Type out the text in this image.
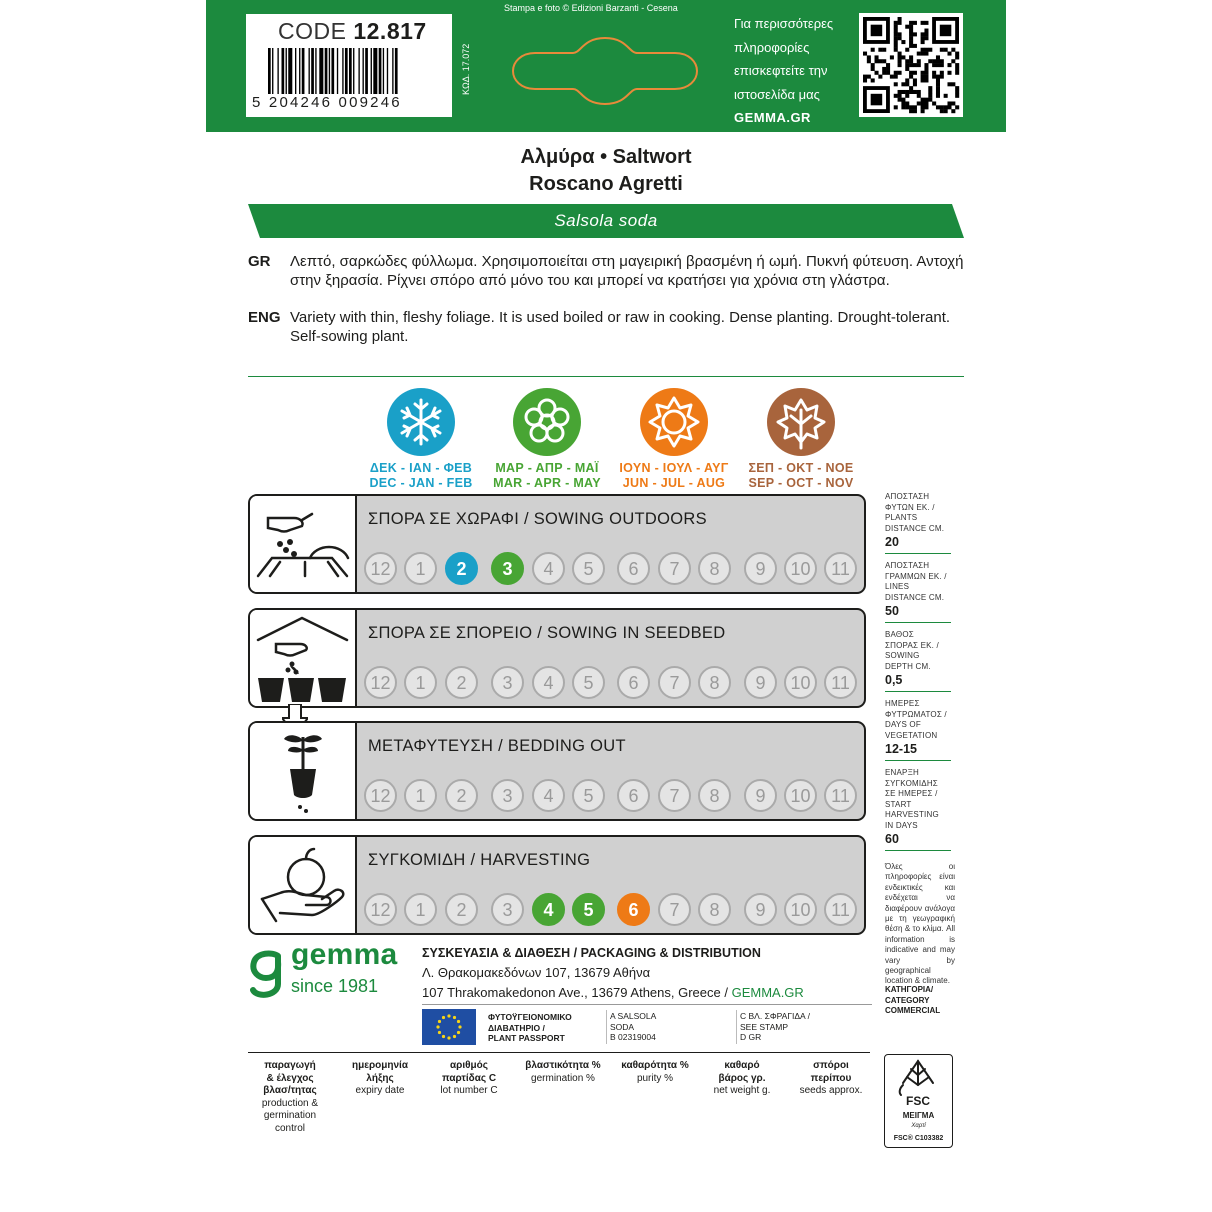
CODE 12.817
5 204246 009246
ΚΩΔ. 17.072
Stampa e foto © Edizioni Barzanti - Cesena
Για περισσότερες
πληροφορίες
επισκεφτείτε την
ιστοσελίδα μας
GEMMA.GR
Αλμύρα • Saltwort
Roscano Agretti
Salsola soda
GR Λεπτό, σαρκώδες φύλλωμα. Χρησιμοποιείται στη μαγειρική βρασμένη ή ωμή. Πυκνή φύτευση. Αντοχή στην ξηρασία. Ρίχνει σπόρο από μόνο του και μπορεί να κρατήσει για χρόνια στη γλάστρα.
ENG Variety with thin, fleshy foliage. It is used boiled or raw in cooking. Dense planting. Drought-tolerant. Self-sowing plant.
ΔΕΚ - ΙΑΝ - ΦΕΒ
DEC - JAN - FEB
ΜΑΡ - ΑΠΡ - ΜΑΪ
MAR - APR - MAY
ΙΟΥΝ - ΙΟΥΛ - ΑΥΓ
JUN - JUL - AUG
ΣΕΠ - ΟΚΤ - ΝΟΕ
SEP - OCT - NOV
ΣΠΟΡΑ ΣΕ ΧΩΡΑΦΙ / SOWING OUTDOORS
12	1	2	3	4	5	6	7	8	9	10	11
ΣΠΟΡΑ ΣΕ ΣΠΟΡΕΙΟ / SOWING IN SEEDBED
12	1	2	3	4	5	6	7	8	9	10	11
ΜΕΤΑΦΥΤΕΥΣΗ / BEDDING OUT
12	1	2	3	4	5	6	7	8	9	10	11
ΣΥΓΚΟΜΙΔΗ / HARVESTING
12	1	2	3	4	5	6	7	8	9	10	11
ΑΠΟΣΤΑΣΗ
ΦΥΤΩΝ ΕΚ. /
PLANTS
DISTANCE CM.
20
ΑΠΟΣΤΑΣΗ
ΓΡΑΜΜΩΝ ΕΚ. /
LINES
DISTANCE CM.
50
ΒΑΘΟΣ
ΣΠΟΡΑΣ ΕΚ. /
SOWING
DEPTH CM.
0,5
ΗΜΕΡΕΣ
ΦΥΤΡΩΜΑΤΟΣ /
DAYS OF
VEGETATION
12-15
ΕΝΑΡΞΗ
ΣΥΓΚΟΜΙΔΗΣ
ΣΕ ΗΜΕΡΕΣ /
START
HARVESTING
IN DAYS
60
Όλες οι πληροφορίες είναι ενδεικτικές και ενδέχεται να διαφέρουν ανάλογα με τη γεωγραφική θέση & το κλίμα. All information is indicative and may vary by geographical location & climate.
ΚΑΤΗΓΟΡΙΑ/
CATEGORY
COMMERCIAL
gemma
since 1981
ΣΥΣΚΕΥΑΣΙΑ & ΔΙΑΘΕΣΗ / PACKAGING & DISTRIBUTION
Λ. Θρακομακεδόνων 107, 13679 Αθήνα
107 Thrakomakedonon Ave., 13679 Athens, Greece / GEMMA.GR
ΦΥΤΟΫΓΕΙΟΝΟΜΙΚΟ
ΔΙΑΒΑΤΗΡΙΟ /
PLANT PASSPORT
A SALSOLA
SODA
B 02319004
C ΒΛ. ΣΦΡΑΓΙΔΑ /
SEE STAMP
D GR
παραγωγή
& έλεγχος
βλασ/τητας
production &
germination
control
ημερομηνία
λήξης
expiry date
αριθμός
παρτίδας C
lot number C
βλαστικότητα %
germination %
καθαρότητα %
purity %
καθαρό
βάρος γρ.
net weight g.
σπόροι
περίπου
seeds approx.
FSC
ΜΕΙΓΜΑ
Χαρτί
FSC® C103382
